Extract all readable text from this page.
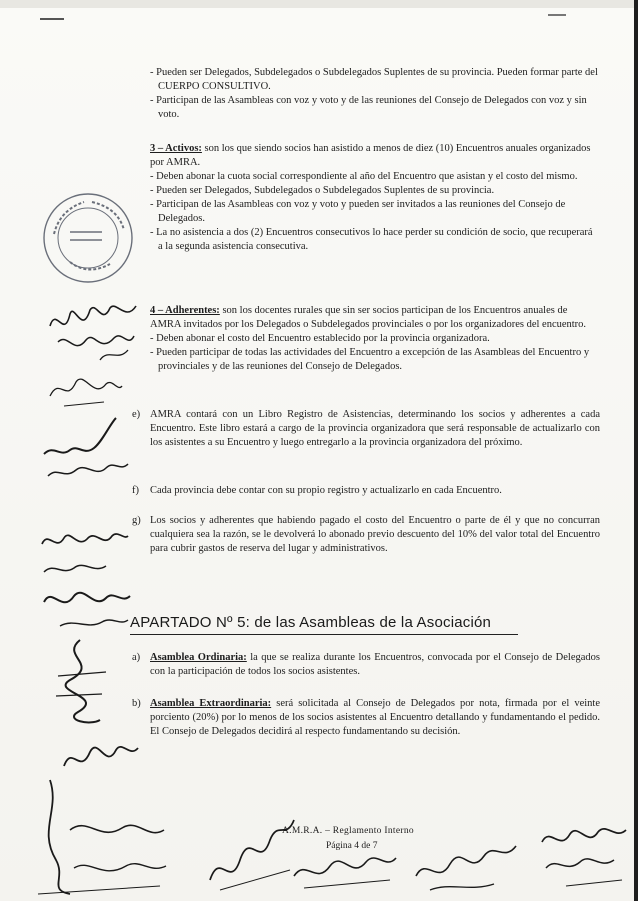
- Pueden ser Delegados, Subdelegados o Subdelegados Suplentes de su provincia. Pueden formar parte del CUERPO CONSULTIVO.

- Participan de las Asambleas con voz y voto y de las reuniones del Consejo de Delegados con voz y sin voto.

3 – Activos: son los que siendo socios han asistido a menos de diez (10) Encuentros anuales organizados por AMRA.

- Deben abonar la cuota social correspondiente al año del Encuentro que asistan y el costo del mismo.

- Pueden ser Delegados, Subdelegados o Subdelegados Suplentes de su provincia.

- Participan de las Asambleas con voz y voto y pueden ser invitados a las reuniones del Consejo de Delegados.

- La no asistencia a dos (2) Encuentros consecutivos lo hace perder su condición de socio, que recuperará a la segunda asistencia consecutiva.

4 – Adherentes: son los docentes rurales que sin ser socios participan de los Encuentros anuales de AMRA invitados por los Delegados o Subdelegados provinciales o por los organizadores del encuentro.

- Deben abonar el costo del Encuentro establecido por la provincia organizadora.

- Pueden participar de todas las actividades del Encuentro a excepción de las Asambleas del Encuentro y provinciales y de las reuniones del Consejo de Delegados.

e) AMRA contará con un Libro Registro de Asistencias, determinando los socios y adherentes a cada Encuentro. Este libro estará a cargo de la provincia organizadora que será responsable de actualizarlo con los asistentes a su Encuentro y luego entregarlo a la provincia organizadora del próximo.
f)	Cada provincia debe contar con su propio registro y actualizarlo en cada Encuentro.
g) Los socios y adherentes que habiendo pagado el costo del Encuentro o parte de él y que no concurran cualquiera sea la razón, se le devolverá lo abonado previo descuento del 10% del valor total del Encuentro para cubrir gastos de reserva del lugar y administrativos.
APARTADO Nº 5: de las Asambleas de la Asociación
a) Asamblea Ordinaria: la que se realiza durante los Encuentros, convocada por el Consejo de Delegados con la participación de todos los socios asistentes.
b) Asamblea Extraordinaria: será solicitada al Consejo de Delegados por nota, firmada por el veinte porciento (20%) por lo menos de los socios asistentes al Encuentro detallando y fundamentando el pedido. El Consejo de Delegados decidirá al respecto fundamentando su decisión.
A.M.R.A. – Reglamento Interno
Página 4 de 7
